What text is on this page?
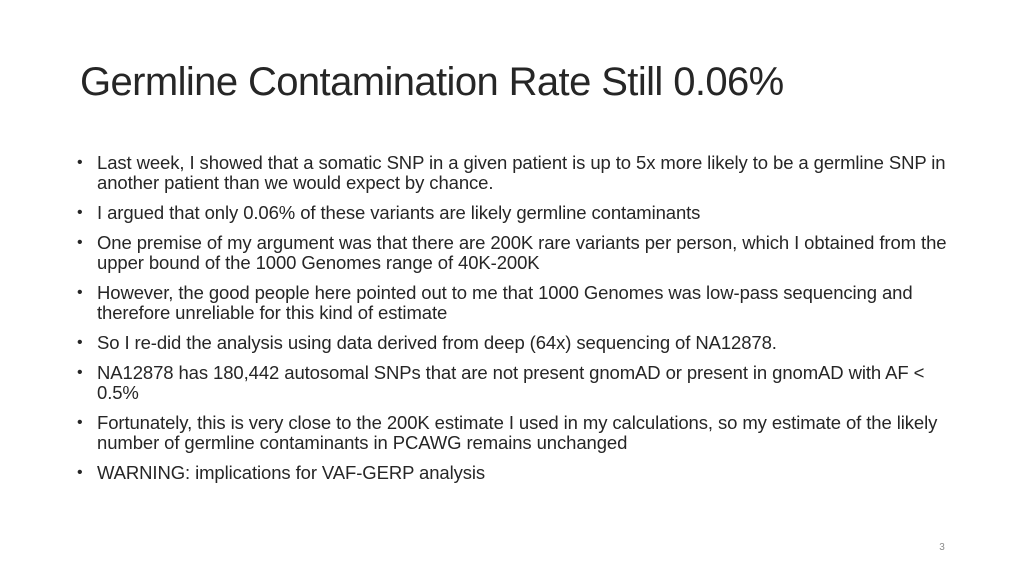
Germline Contamination Rate Still 0.06%
• Last week, I showed that a somatic SNP in a given patient is up to 5x more likely to be a germline SNP in another patient than we would expect by chance.
• I argued that only 0.06% of these variants are likely germline contaminants
• One premise of my argument was that there are 200K rare variants per person, which I obtained from the upper bound of the 1000 Genomes range of 40K-200K
• However, the good people here pointed out to me that 1000 Genomes was low-pass sequencing and therefore unreliable for this kind of estimate
• So I re-did the analysis using data derived from deep (64x) sequencing of NA12878.
• NA12878 has 180,442 autosomal SNPs that are not present gnomAD or present in gnomAD with AF < 0.5%
• Fortunately, this is very close to the 200K estimate I used in my calculations, so my estimate of the likely number of germline contaminants in PCAWG remains unchanged
• WARNING: implications for VAF-GERP analysis
3
